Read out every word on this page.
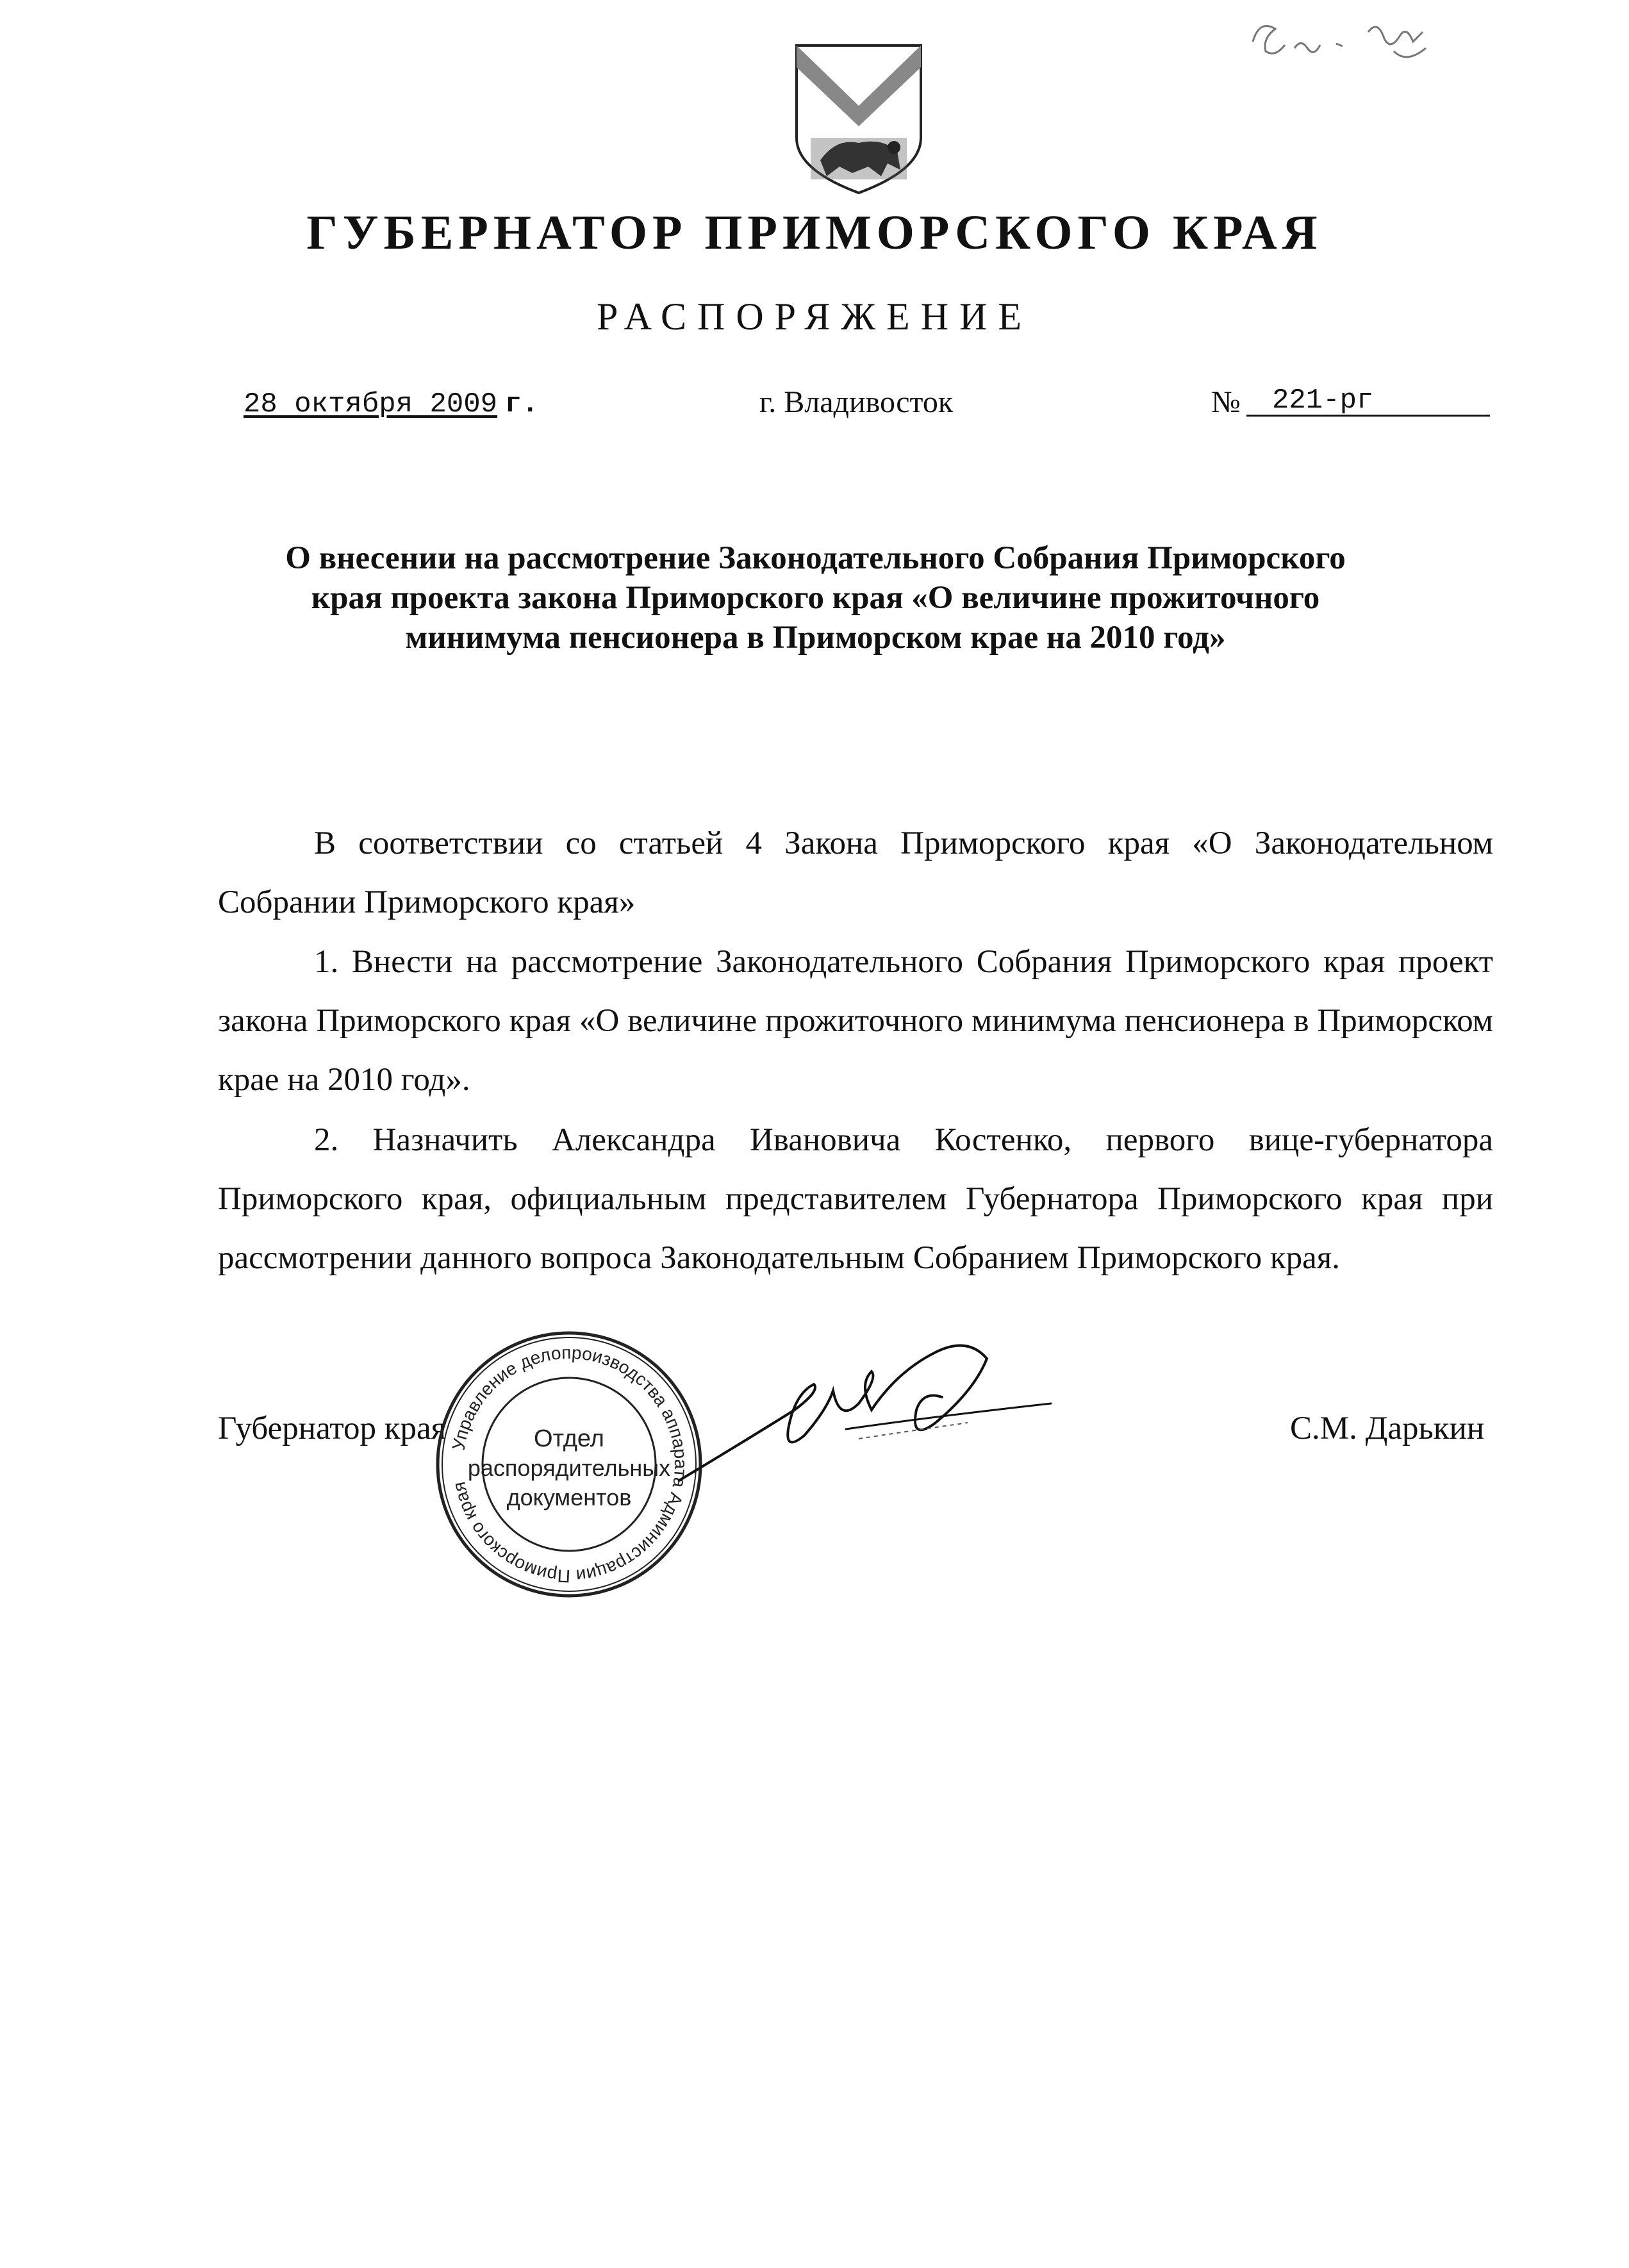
ГУБЕРНАТОР ПРИМОРСКОГО КРАЯ
РАСПОРЯЖЕНИЕ
28 октября 2009 г.	г. Владивосток	№	221-рг
О внесении на рассмотрение Законодательного Собрания Приморского края проекта закона Приморского края «О величине прожиточного минимума пенсионера в Приморском крае на 2010 год»
В соответствии со статьей 4 Закона Приморского края «О Законодательном Собрании Приморского края»
1. Внести на рассмотрение Законодательного Собрания Приморского края проект закона Приморского края «О величине прожиточного минимума пенсионера в Приморском крае на 2010 год».
2. Назначить Александра Ивановича Костенко, первого вице-губернатора Приморского края, официальным представителем Губернатора Приморского края при рассмотрении данного вопроса Законодательным Собранием Приморского края.
Губернатор края	С.М. Дарькин
Управление делопроизводства аппарата Администрации Приморского края
Отдел
распорядительных
документов
